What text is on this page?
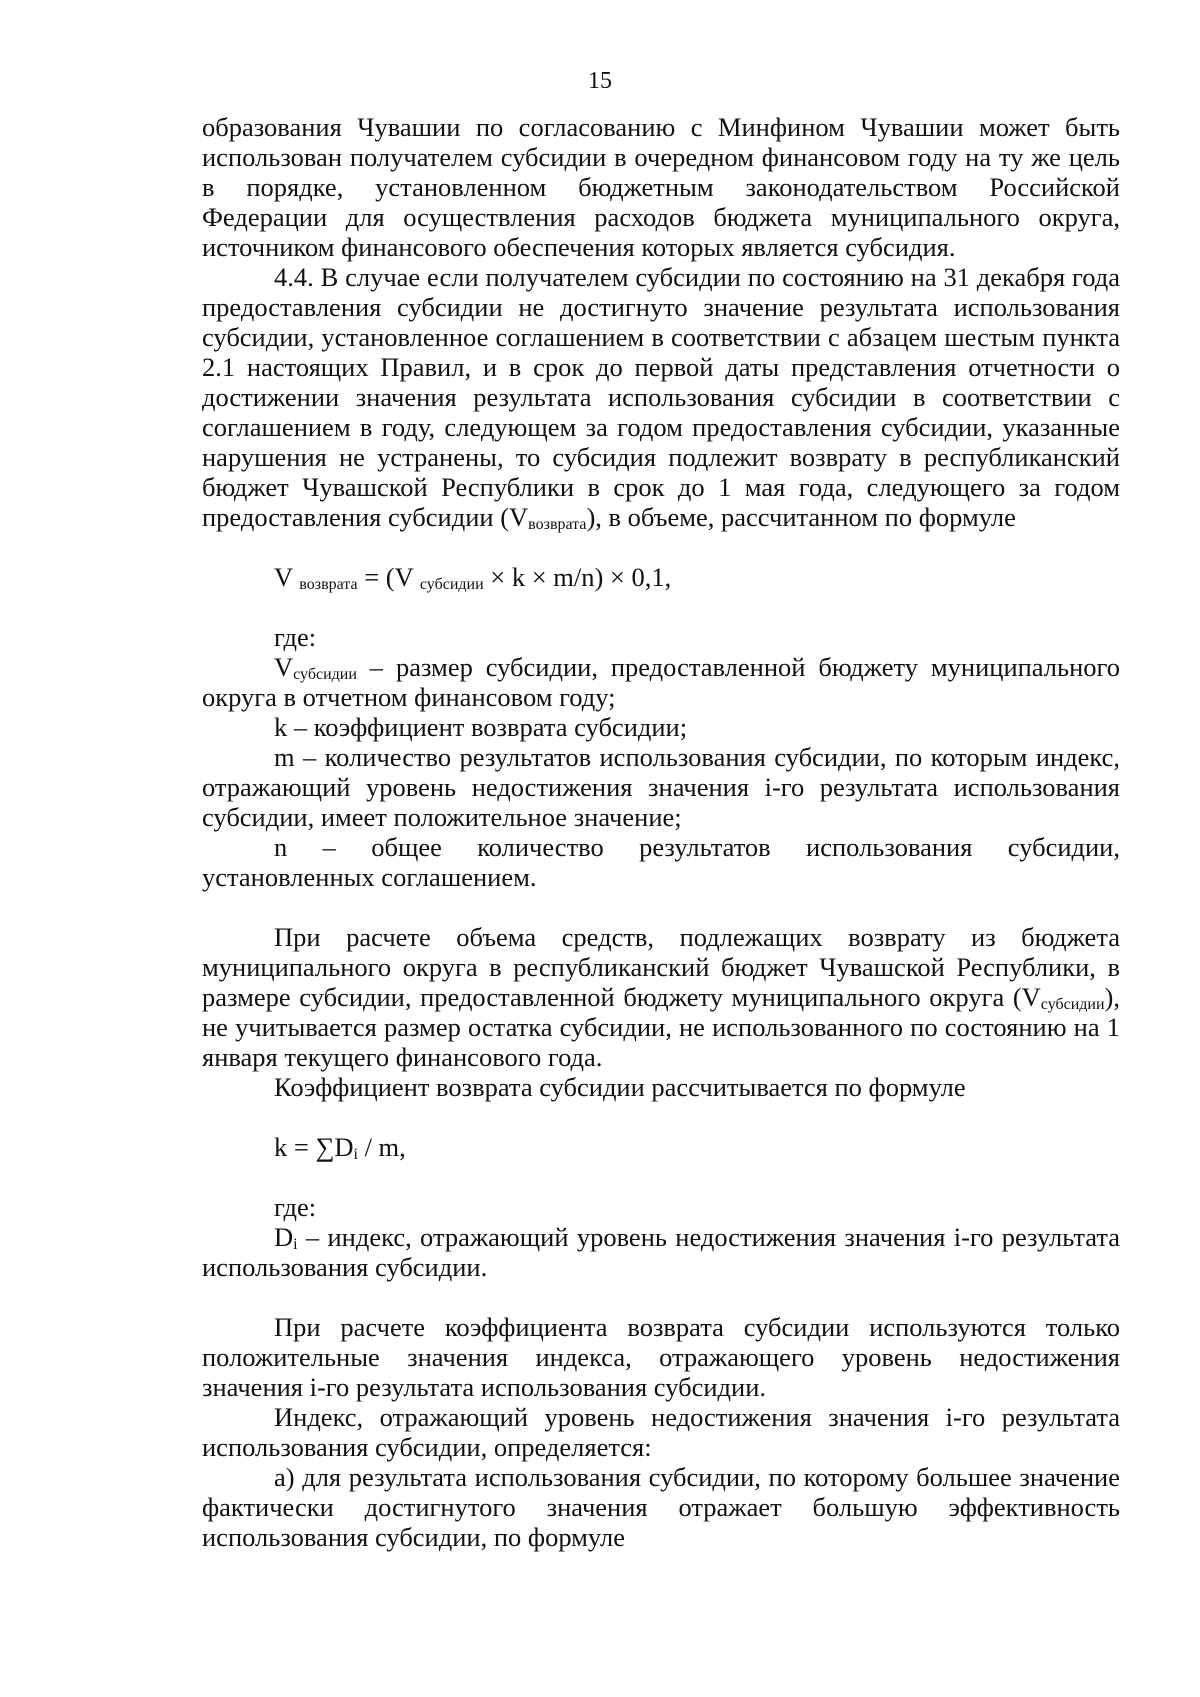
15

образования Чувашии по согласованию с Минфином Чувашии может быть использован получателем субсидии в очередном финансовом году на ту же цель в порядке, установленном бюджетным законодательством Российской Федерации для осуществления расходов бюджета муниципального округа, источником финансового обеспечения которых является субсидия.

4.4. В случае если получателем субсидии по состоянию на 31 декабря года предоставления субсидии не достигнуто значение результата использования субсидии, установленное соглашением в соответствии с абзацем шестым пункта 2.1 настоящих Правил, и в срок до первой даты представления отчетности о достижении значения результата использования субсидии в соответствии с соглашением в году, следующем за годом предоставления субсидии, указанные нарушения не устранены, то субсидия подлежит возврату в республиканский бюджет Чувашской Республики в срок до 1 мая года, следующего за годом предоставления субсидии $(V_{возврата})$, в объеме, рассчитанном по формуле

V $_{возврата}$ = (V $_{субсидии}$ × k × m/n) × 0,1,

где:

$V_{субсидии}$ – размер субсидии, предоставленной бюджету муниципального округа в отчетном финансовом году;

k – коэффициент возврата субсидии;

m – количество результатов использования субсидии, по которым индекс, отражающий уровень недостижения значения i-го результата использования субсидии, имеет положительное значение;

n – общее количество результатов использования субсидии, установленных соглашением.

При расчете объема средств, подлежащих возврату из бюджета муниципального округа в республиканский бюджет Чувашской Республики, в размере субсидии, предоставленной бюджету муниципального округа $(V_{субсидии})$, не учитывается размер остатка субсидии, не использованного по состоянию на 1 января текущего финансового года.

Коэффициент возврата субсидии рассчитывается по формуле

$k = \sum D_i / m$,

где:

$D_i$ – индекс, отражающий уровень недостижения значения i-го результата использования субсидии.

При расчете коэффициента возврата субсидии используются только положительные значения индекса, отражающего уровень недостижения значения i-го результата использования субсидии.

Индекс, отражающий уровень недостижения значения i-го результата использования субсидии, определяется:

а) для результата использования субсидии, по которому большее значение фактически достигнутого значения отражает большую эффективность использования субсидии, по формуле
